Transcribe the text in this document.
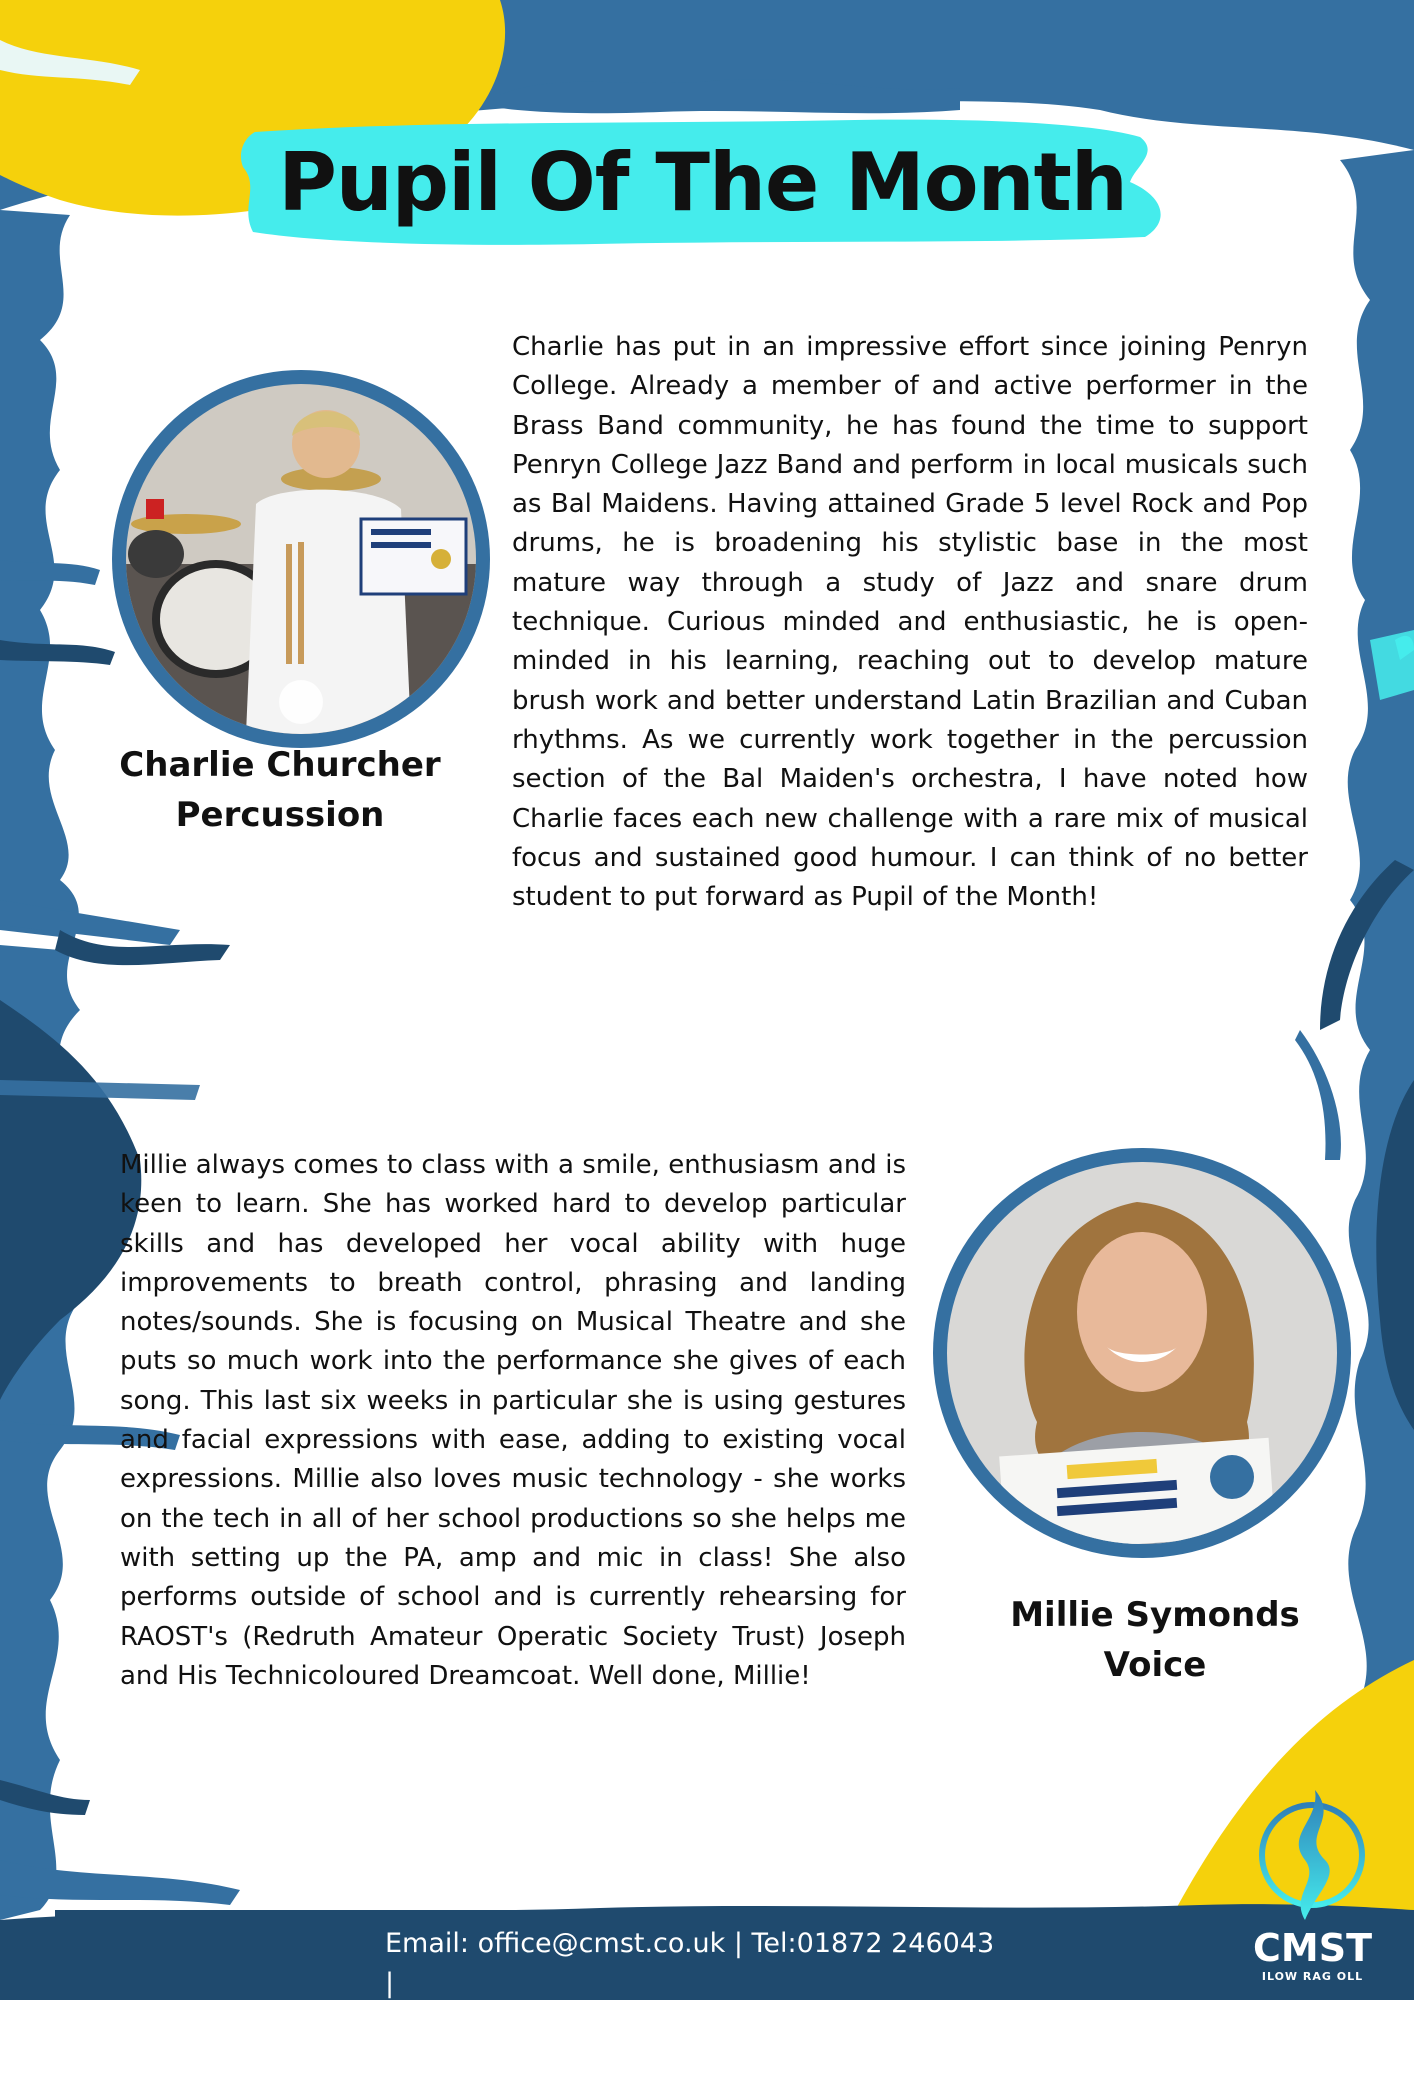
Pupil Of The Month
Charlie Churcher
Percussion
Charlie has put in an impressive effort since joining Penryn College. Already a member of and active performer in the Brass Band community, he has found the time to support Penryn College Jazz Band and perform in local musicals such as Bal Maidens. Having attained Grade 5 level Rock and Pop drums, he is broadening his stylistic base in the most mature way through a study of Jazz and snare drum technique. Curious minded and enthusiastic, he is open-minded in his learning, reaching out to develop mature brush work and better understand Latin Brazilian and Cuban rhythms. As we currently work together in the percussion section of the Bal Maiden's orchestra, I have noted how Charlie faces each new challenge with a rare mix of musical focus and sustained good humour. I can think of no better student to put forward as Pupil of the Month!
Millie always comes to class with a smile, enthusiasm and is keen to learn. She has worked hard to develop particular skills and has developed her vocal ability with huge improvements to breath control, phrasing and landing notes/sounds. She is focusing on Musical Theatre and she puts so much work into the performance she gives of each song. This last six weeks in particular she is using gestures and facial expressions with ease, adding to existing vocal expressions. Millie also loves music technology - she works on the tech in all of her school productions so she helps me with setting up the PA, amp and mic in class! She also performs outside of school and is currently rehearsing for RAOST's (Redruth Amateur Operatic Society Trust) Joseph and His Technicoloured Dreamcoat. Well done, Millie!
Millie Symonds
Voice
Email: office@cmst.co.uk | Tel:01872 246043 |
Company No. 09268124 | Charity No. 1159622
CMST
ILOW RAG OLL
